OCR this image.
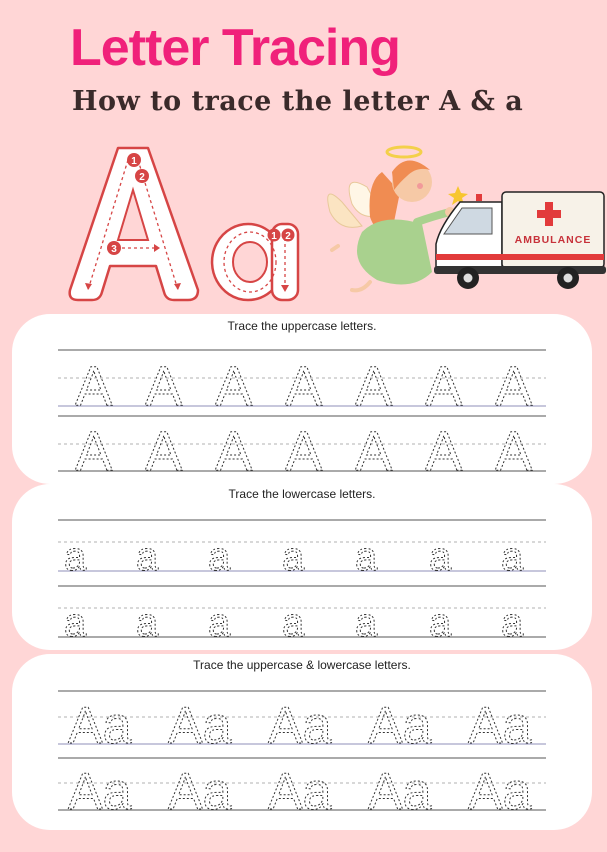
Letter Tracing
How to trace the letter A & a
1
2
3
1 2	AMBULANCE
Trace the uppercase letters.
A A A A A A A
A A A A A A A
Trace the lowercase letters.
a a a a a a a
a a a a a a a
Trace the uppercase & lowercase letters.
Aa Aa Aa Aa Aa
Aa Aa Aa Aa Aa
